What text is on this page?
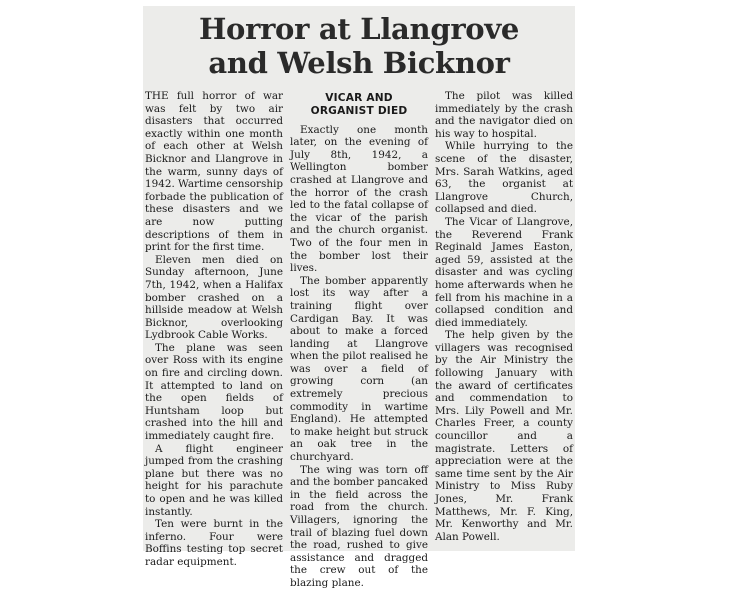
Horror at Llangrove
and Welsh Bicknor

THE full horror of war was felt by two air disasters that occurred exactly within one month of each other at Welsh Bicknor and Llangrove in the warm, sunny days of 1942. Wartime censorship forbade the publication of these disasters and we are now putting descriptions of them in print for the first time.

Eleven men died on Sunday afternoon, June 7th, 1942, when a Halifax bomber crashed on a hillside meadow at Welsh Bicknor, overlooking Lydbrook Cable Works.

The plane was seen over Ross with its engine on fire and circling down. It attempted to land on the open fields of Huntsham loop but crashed into the hill and immediately caught fire.

A flight engineer jumped from the crashing plane but there was no height for his parachute to open and he was killed instantly.

Ten were burnt in the inferno. Four were Boffins testing top secret radar equipment.

VICAR AND
ORGANIST DIED

Exactly one month later, on the evening of July 8th, 1942, a Wellington bomber crashed at Llangrove and the horror of the crash led to the fatal collapse of the vicar of the parish and the church organist. Two of the four men in the bomber lost their lives.

The bomber apparently lost its way after a training flight over Cardigan Bay. It was about to make a forced landing at Llangrove when the pilot realised he was over a field of growing corn (an extremely precious commodity in wartime England). He attempted to make height but struck an oak tree in the churchyard.

The wing was torn off and the bomber pancaked in the field across the road from the church. Villagers, ignoring the trail of blazing fuel down the road, rushed to give assistance and dragged the crew out of the blazing plane.

The pilot was killed immediately by the crash and the navigator died on his way to hospital.

While hurrying to the scene of the disaster, Mrs. Sarah Watkins, aged 63, the organist at Llangrove Church, collapsed and died.

The Vicar of Llangrove, the Reverend Frank Reginald James Easton, aged 59, assisted at the disaster and was cycling home afterwards when he fell from his machine in a collapsed condition and died immediately.

The help given by the villagers was recognised by the Air Ministry the following January with the award of certificates and commendation to Mrs. Lily Powell and Mr. Charles Freer, a county councillor and a magistrate. Letters of appreciation were at the same time sent by the Air Ministry to Miss Ruby Jones, Mr. Frank Matthews, Mr. F. King, Mr. Kenworthy and Mr. Alan Powell.
